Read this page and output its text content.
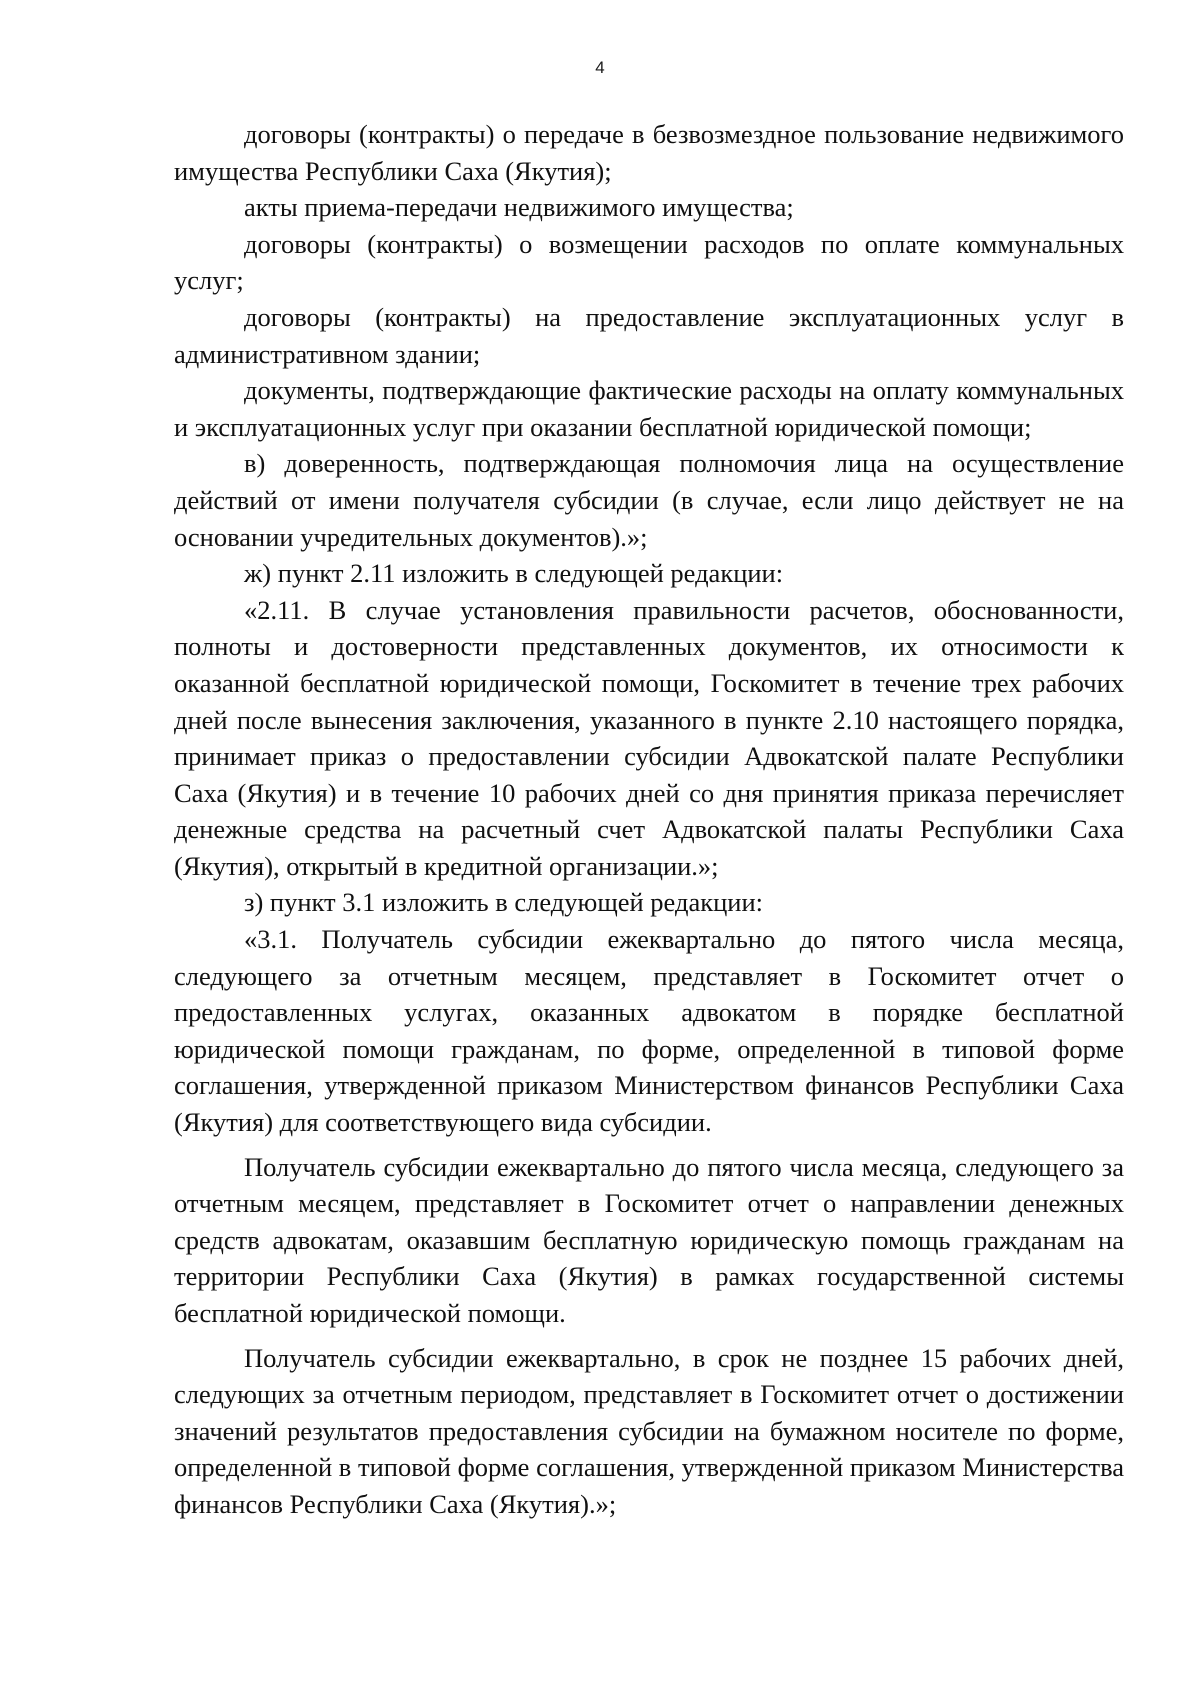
4

договоры (контракты) о передаче в безвозмездное пользование недвижимого имущества Республики Саха (Якутия);

акты приема-передачи недвижимого имущества;

договоры (контракты) о возмещении расходов по оплате коммунальных услуг;

договоры (контракты) на предоставление эксплуатационных услуг в административном здании;

документы, подтверждающие фактические расходы на оплату коммунальных и эксплуатационных услуг при оказании бесплатной юридической помощи;

в) доверенность, подтверждающая полномочия лица на осуществление действий от имени получателя субсидии (в случае, если лицо действует не на основании учредительных документов).»;

ж) пункт 2.11 изложить в следующей редакции:

«2.11. В случае установления правильности расчетов, обоснованности, полноты и достоверности представленных документов, их относимости к оказанной бесплатной юридической помощи, Госкомитет в течение трех рабочих дней после вынесения заключения, указанного в пункте 2.10 настоящего порядка, принимает приказ о предоставлении субсидии Адвокатской палате Республики Саха (Якутия) и в течение 10 рабочих дней со дня принятия приказа перечисляет денежные средства на расчетный счет Адвокатской палаты Республики Саха (Якутия), открытый в кредитной организации.»;

з) пункт 3.1 изложить в следующей редакции:

«3.1. Получатель субсидии ежеквартально до пятого числа месяца, следующего за отчетным месяцем, представляет в Госкомитет отчет о предоставленных услугах, оказанных адвокатом в порядке бесплатной юридической помощи гражданам, по форме, определенной в типовой форме соглашения, утвержденной приказом Министерством финансов Республики Саха (Якутия) для соответствующего вида субсидии.

Получатель субсидии ежеквартально до пятого числа месяца, следующего за отчетным месяцем, представляет в Госкомитет отчет о направлении денежных средств адвокатам, оказавшим бесплатную юридическую помощь гражданам на территории Республики Саха (Якутия) в рамках государственной системы бесплатной юридической помощи.

Получатель субсидии ежеквартально, в срок не позднее 15 рабочих дней, следующих за отчетным периодом, представляет в Госкомитет отчет о достижении значений результатов предоставления субсидии на бумажном носителе по форме, определенной в типовой форме соглашения, утвержденной приказом Министерства финансов Республики Саха (Якутия).»;
